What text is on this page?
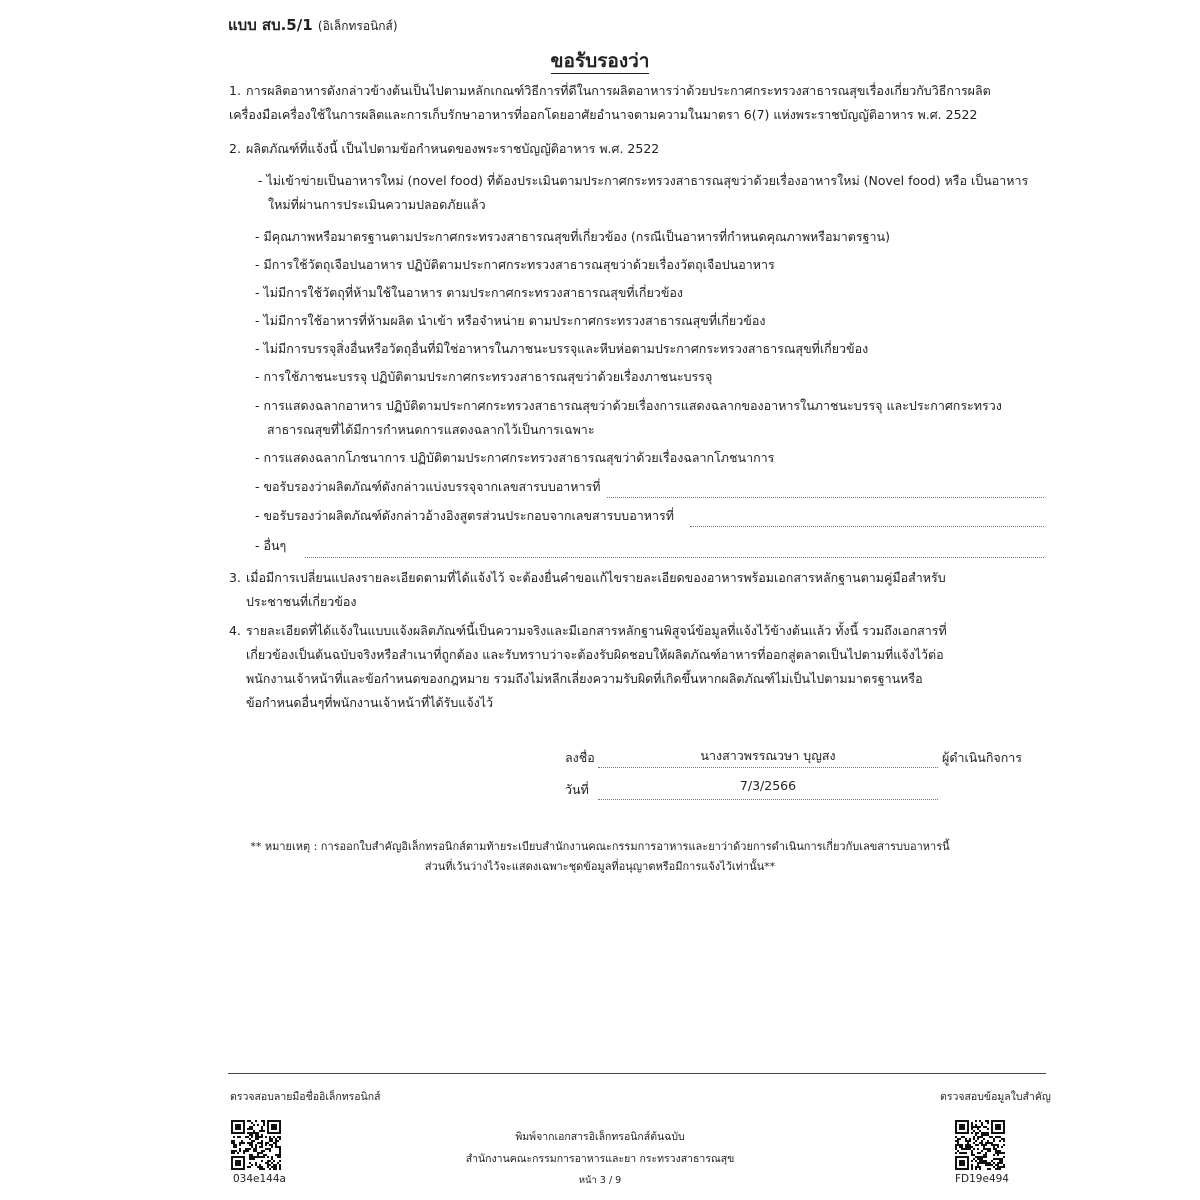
แบบ สบ.5/1 (อิเล็กทรอนิกส์)
ขอรับรองว่า
1. การผลิตอาหารดังกล่าวข้างต้นเป็นไปตามหลักเกณฑ์วิธีการที่ดีในการผลิตอาหารว่าด้วยประกาศกระทรวงสาธารณสุขเรื่องเกี่ยวกับวิธีการผลิต
เครื่องมือเครื่องใช้ในการผลิตและการเก็บรักษาอาหารที่ออกโดยอาศัยอำนาจตามความในมาตรา 6(7) แห่งพระราชบัญญัติอาหาร พ.ศ. 2522
2. ผลิตภัณฑ์ที่แจ้งนี้ เป็นไปตามข้อกำหนดของพระราชบัญญัติอาหาร พ.ศ. 2522
- ไม่เข้าข่ายเป็นอาหารใหม่ (novel food) ที่ต้องประเมินตามประกาศกระทรวงสาธารณสุขว่าด้วยเรื่องอาหารใหม่ (Novel food) หรือ เป็นอาหาร
ใหม่ที่ผ่านการประเมินความปลอดภัยแล้ว
- มีคุณภาพหรือมาตรฐานตามประกาศกระทรวงสาธารณสุขที่เกี่ยวข้อง (กรณีเป็นอาหารที่กำหนดคุณภาพหรือมาตรฐาน)
- มีการใช้วัตถุเจือปนอาหาร ปฏิบัติตามประกาศกระทรวงสาธารณสุขว่าด้วยเรื่องวัตถุเจือปนอาหาร
- ไม่มีการใช้วัตถุที่ห้ามใช้ในอาหาร ตามประกาศกระทรวงสาธารณสุขที่เกี่ยวข้อง
- ไม่มีการใช้อาหารที่ห้ามผลิต นำเข้า หรือจำหน่าย ตามประกาศกระทรวงสาธารณสุขที่เกี่ยวข้อง
- ไม่มีการบรรจุสิ่งอื่นหรือวัตถุอื่นที่มิใช่อาหารในภาชนะบรรจุและหีบห่อตามประกาศกระทรวงสาธารณสุขที่เกี่ยวข้อง
- การใช้ภาชนะบรรจุ ปฏิบัติตามประกาศกระทรวงสาธารณสุขว่าด้วยเรื่องภาชนะบรรจุ
- การแสดงฉลากอาหาร ปฏิบัติตามประกาศกระทรวงสาธารณสุขว่าด้วยเรื่องการแสดงฉลากของอาหารในภาชนะบรรจุ และประกาศกระทรวง
สาธารณสุขที่ได้มีการกำหนดการแสดงฉลากไว้เป็นการเฉพาะ
- การแสดงฉลากโภชนาการ ปฏิบัติตามประกาศกระทรวงสาธารณสุขว่าด้วยเรื่องฉลากโภชนาการ
- ขอรับรองว่าผลิตภัณฑ์ดังกล่าวแบ่งบรรจุจากเลขสารบบอาหารที่
- ขอรับรองว่าผลิตภัณฑ์ดังกล่าวอ้างอิงสูตรส่วนประกอบจากเลขสารบบอาหารที่
- อื่นๆ
3. เมื่อมีการเปลี่ยนแปลงรายละเอียดตามที่ได้แจ้งไว้ จะต้องยื่นคำขอแก้ไขรายละเอียดของอาหารพร้อมเอกสารหลักฐานตามคู่มือสำหรับ
ประชาชนที่เกี่ยวข้อง
4. รายละเอียดที่ได้แจ้งในแบบแจ้งผลิตภัณฑ์นี้เป็นความจริงและมีเอกสารหลักฐานพิสูจน์ข้อมูลที่แจ้งไว้ข้างต้นแล้ว ทั้งนี้ รวมถึงเอกสารที่
เกี่ยวข้องเป็นต้นฉบับจริงหรือสำเนาที่ถูกต้อง และรับทราบว่าจะต้องรับผิดชอบให้ผลิตภัณฑ์อาหารที่ออกสู่ตลาดเป็นไปตามที่แจ้งไว้ต่อ
พนักงานเจ้าหน้าที่และข้อกำหนดของกฎหมาย รวมถึงไม่หลีกเลี่ยงความรับผิดที่เกิดขึ้นหากผลิตภัณฑ์ไม่เป็นไปตามมาตรฐานหรือ
ข้อกำหนดอื่นๆที่พนักงานเจ้าหน้าที่ได้รับแจ้งไว้
ลงชื่อ	นางสาวพรรณวษา บุญสง	ผู้ดำเนินกิจการ
วันที่	7/3/2566
** หมายเหตุ : การออกใบสำคัญอิเล็กทรอนิกส์ตามท้ายระเบียบสำนักงานคณะกรรมการอาหารและยาว่าด้วยการดำเนินการเกี่ยวกับเลขสารบบอาหารนี้
ส่วนที่เว้นว่างไว้จะแสดงเฉพาะชุดข้อมูลที่อนุญาตหรือมีการแจ้งไว้เท่านั้น**
ตรวจสอบลายมือชื่ออิเล็กทรอนิกส์	ตรวจสอบข้อมูลใบสำคัญ
034e144a	FD19e494
พิมพ์จากเอกสารอิเล็กทรอนิกส์ต้นฉบับ
สำนักงานคณะกรรมการอาหารและยา กระทรวงสาธารณสุข
หน้า 3 / 9
